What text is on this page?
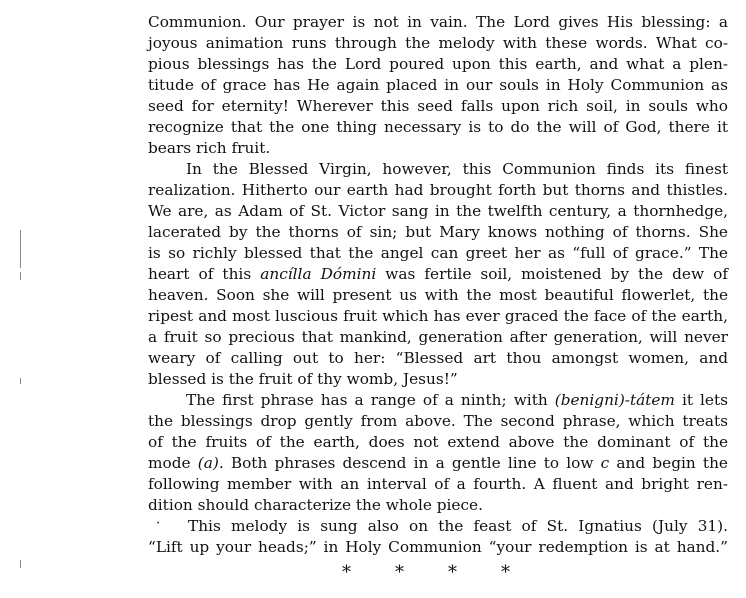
Communion. Our prayer is not in vain. The Lord gives His blessing: a
joyous animation runs through the melody with these words. What co-
pious blessings has the Lord poured upon this earth, and what a plen-
titude of grace has He again placed in our souls in Holy Communion as
seed for eternity! Wherever this seed falls upon rich soil, in souls who
recognize that the one thing necessary is to do the will of God, there it
bears rich fruit.
In the Blessed Virgin, however, this Communion finds its finest
realization. Hitherto our earth had brought forth but thorns and thistles.
We are, as Adam of St. Victor sang in the twelfth century, a thornhedge,
lacerated by the thorns of sin; but Mary knows nothing of thorns. She
is so richly blessed that the angel can greet her as “full of grace.” The
heart of this ancílla Dómini was fertile soil, moistened by the dew of
heaven. Soon she will present us with the most beautiful flowerlet, the
ripest and most luscious fruit which has ever graced the face of the earth,
a fruit so precious that mankind, generation after generation, will never
weary of calling out to her: “Blessed art thou amongst women, and
blessed is the fruit of thy womb, Jesus!”
The first phrase has a range of a ninth; with (benigni)-tátem it lets
the blessings drop gently from above. The second phrase, which treats
of the fruits of the earth, does not extend above the dominant of the
mode (a). Both phrases descend in a gentle line to low c and begin the
following member with an interval of a fourth. A fluent and bright ren-
dition should characterize the whole piece.
·	This melody is sung also on the feast of St. Ignatius (July 31).
“Lift up your heads;” in Holy Communion “your redemption is at hand.”
* * * *
